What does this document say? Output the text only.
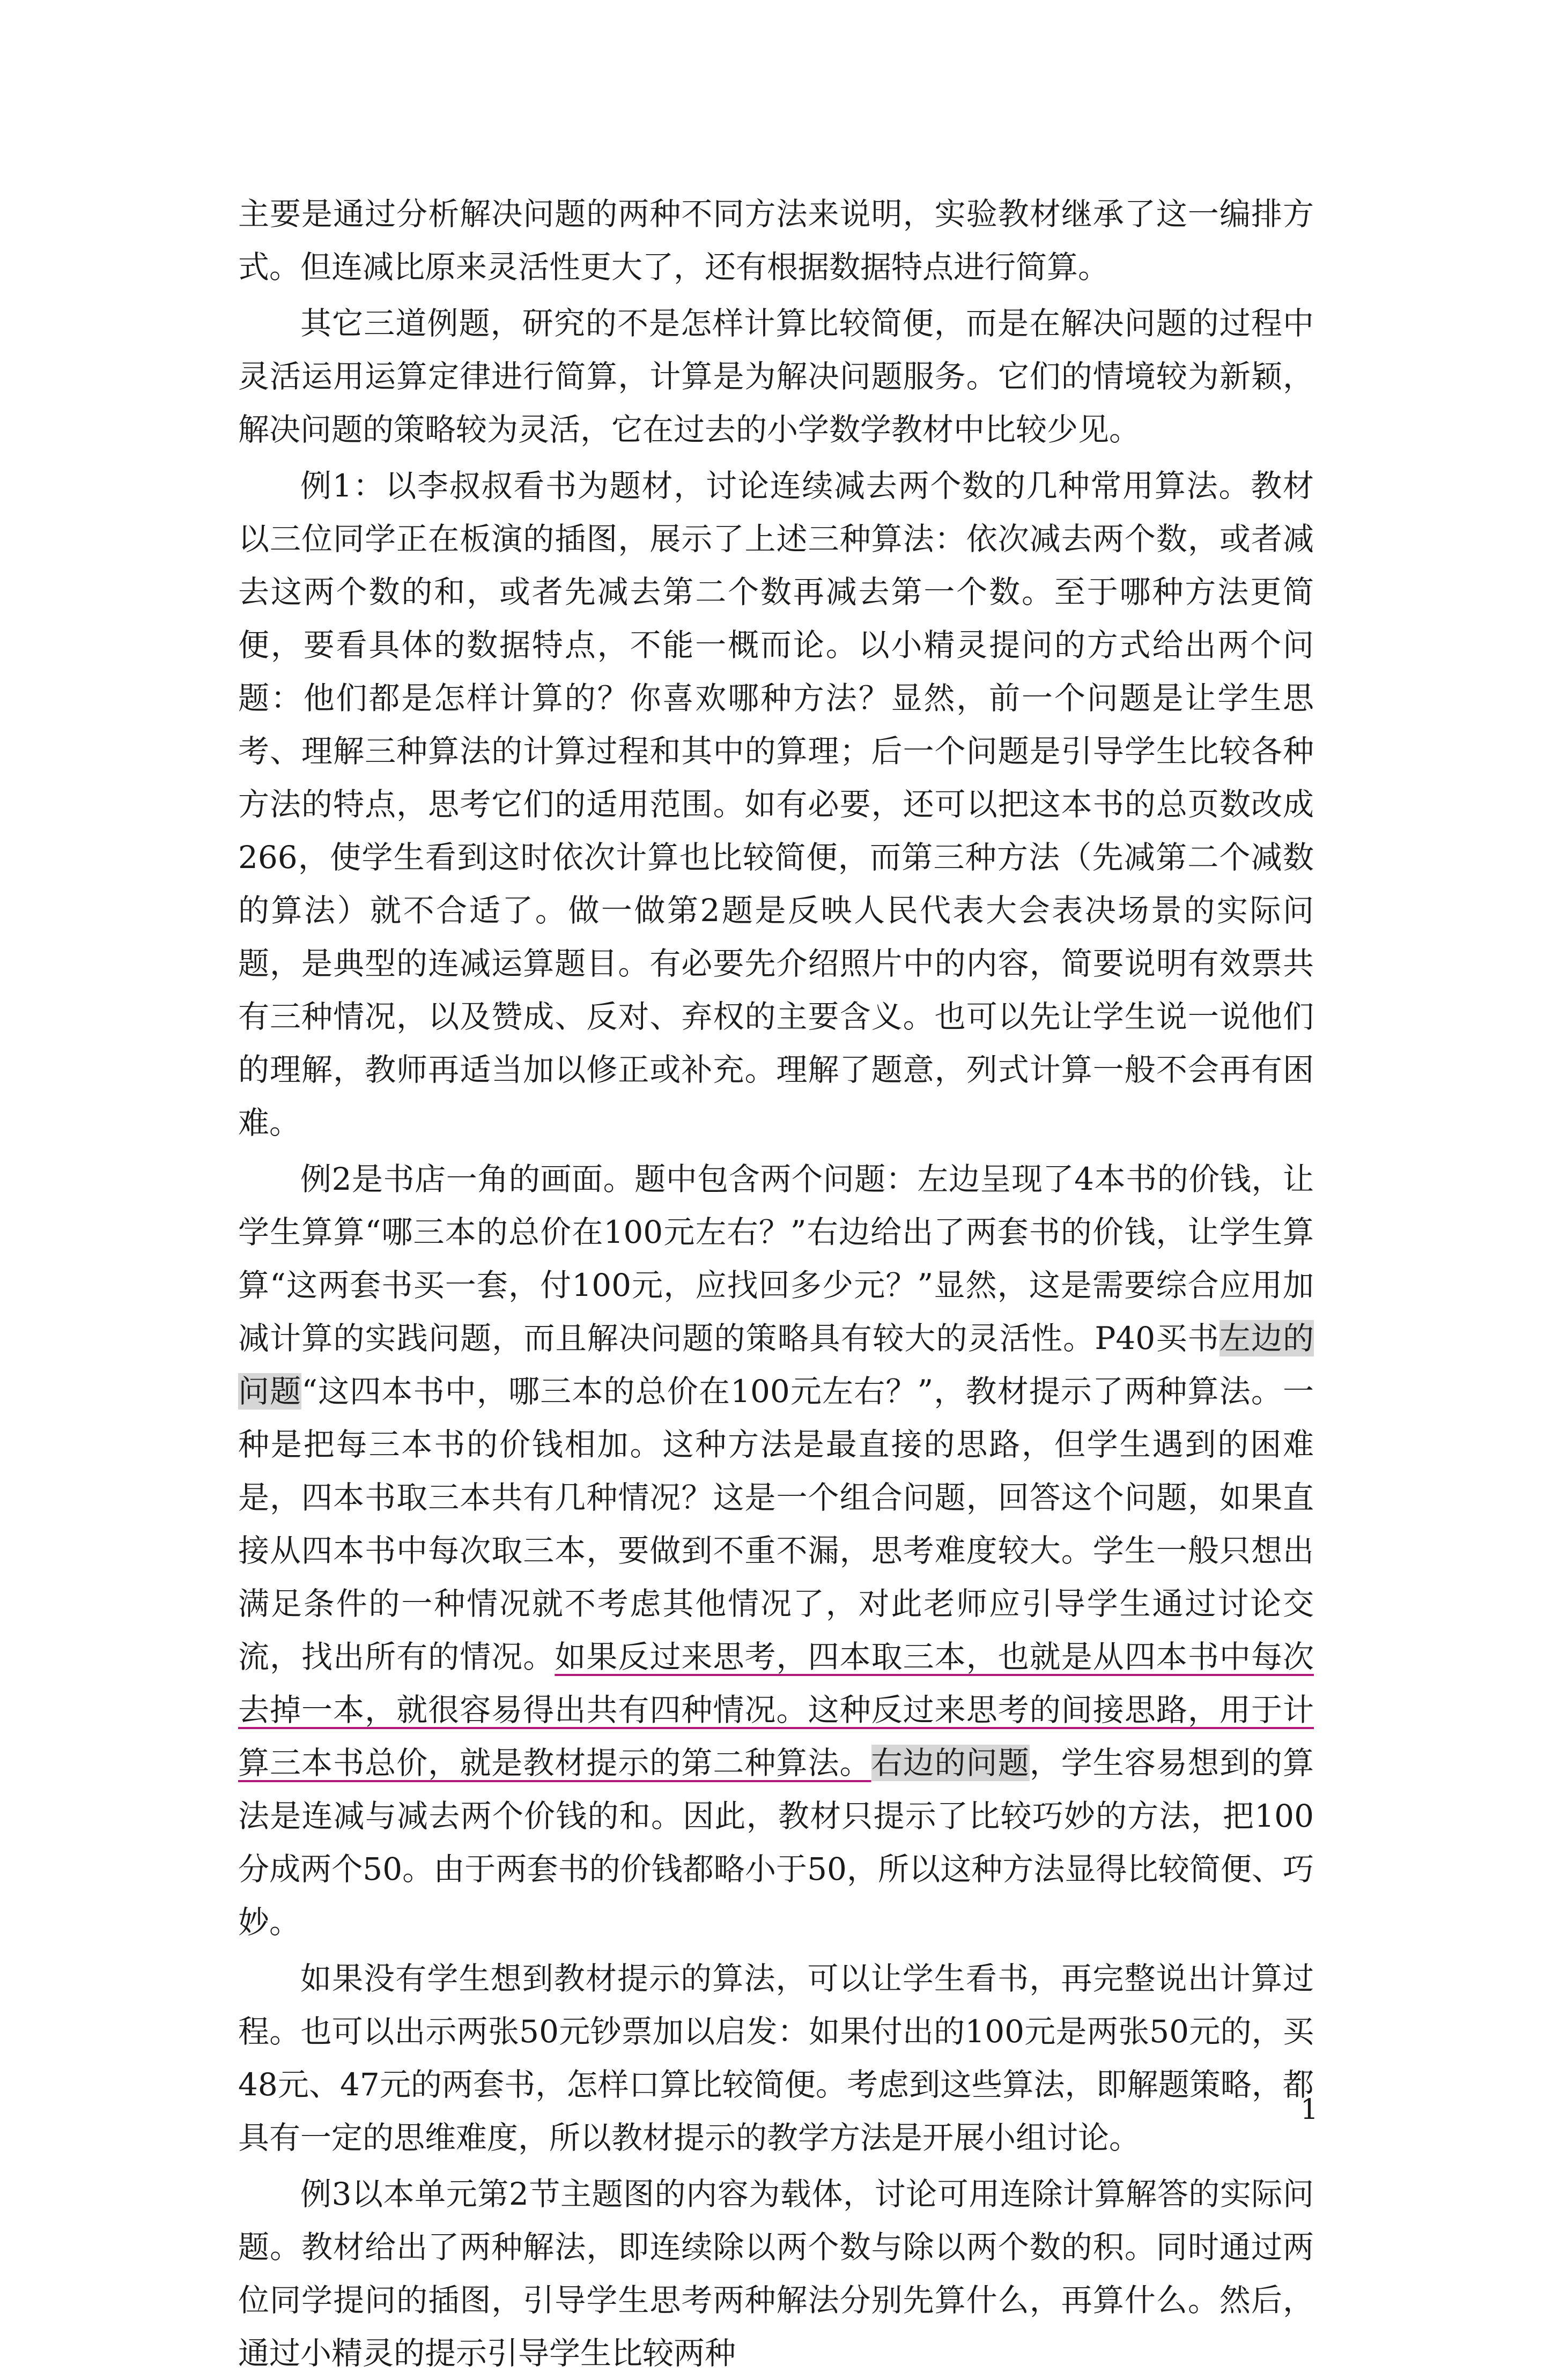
主要是通过分析解决问题的两种不同方法来说明，实验教材继承了这一编排方式。但连减比原来灵活性更大了，还有根据数据特点进行简算。

其它三道例题，研究的不是怎样计算比较简便，而是在解决问题的过程中灵活运用运算定律进行简算，计算是为解决问题服务。它们的情境较为新颖，解决问题的策略较为灵活，它在过去的小学数学教材中比较少见。

例1：以李叔叔看书为题材，讨论连续减去两个数的几种常用算法。教材以三位同学正在板演的插图，展示了上述三种算法：依次减去两个数，或者减去这两个数的和，或者先减去第二个数再减去第一个数。至于哪种方法更简便，要看具体的数据特点，不能一概而论。以小精灵提问的方式给出两个问题：他们都是怎样计算的？你喜欢哪种方法？显然，前一个问题是让学生思考、理解三种算法的计算过程和其中的算理；后一个问题是引导学生比较各种方法的特点，思考它们的适用范围。如有必要，还可以把这本书的总页数改成266，使学生看到这时依次计算也比较简便，而第三种方法（先减第二个减数的算法）就不合适了。做一做第2题是反映人民代表大会表决场景的实际问题，是典型的连减运算题目。有必要先介绍照片中的内容，简要说明有效票共有三种情况，以及赞成、反对、弃权的主要含义。也可以先让学生说一说他们的理解，教师再适当加以修正或补充。理解了题意，列式计算一般不会再有困难。

例2是书店一角的画面。题中包含两个问题：左边呈现了4本书的价钱，让学生算算“哪三本的总价在100元左右？”右边给出了两套书的价钱，让学生算算“这两套书买一套，付100元，应找回多少元？”显然，这是需要综合应用加减计算的实践问题，而且解决问题的策略具有较大的灵活性。P40买书左边的问题“这四本书中，哪三本的总价在100元左右？”，教材提示了两种算法。一种是把每三本书的价钱相加。这种方法是最直接的思路，但学生遇到的困难是，四本书取三本共有几种情况？这是一个组合问题，回答这个问题，如果直接从四本书中每次取三本，要做到不重不漏，思考难度较大。学生一般只想出满足条件的一种情况就不考虑其他情况了，对此老师应引导学生通过讨论交流，找出所有的情况。如果反过来思考，四本取三本，也就是从四本书中每次去掉一本，就很容易得出共有四种情况。这种反过来思考的间接思路，用于计算三本书总价，就是教材提示的第二种算法。右边的问题，学生容易想到的算法是连减与减去两个价钱的和。因此，教材只提示了比较巧妙的方法，把100分成两个50。由于两套书的价钱都略小于50，所以这种方法显得比较简便、巧妙。

如果没有学生想到教材提示的算法，可以让学生看书，再完整说出计算过程。也可以出示两张50元钞票加以启发：如果付出的100元是两张50元的，买48元、47元的两套书，怎样口算比较简便。考虑到这些算法，即解题策略，都具有一定的思维难度，所以教材提示的教学方法是开展小组讨论。

例3以本单元第2节主题图的内容为载体，讨论可用连除计算解答的实际问题。教材给出了两种解法，即连续除以两个数与除以两个数的积。同时通过两位同学提问的插图，引导学生思考两种解法分别先算什么，再算什么。然后，通过小精灵的提示引导学生比较两种

1
